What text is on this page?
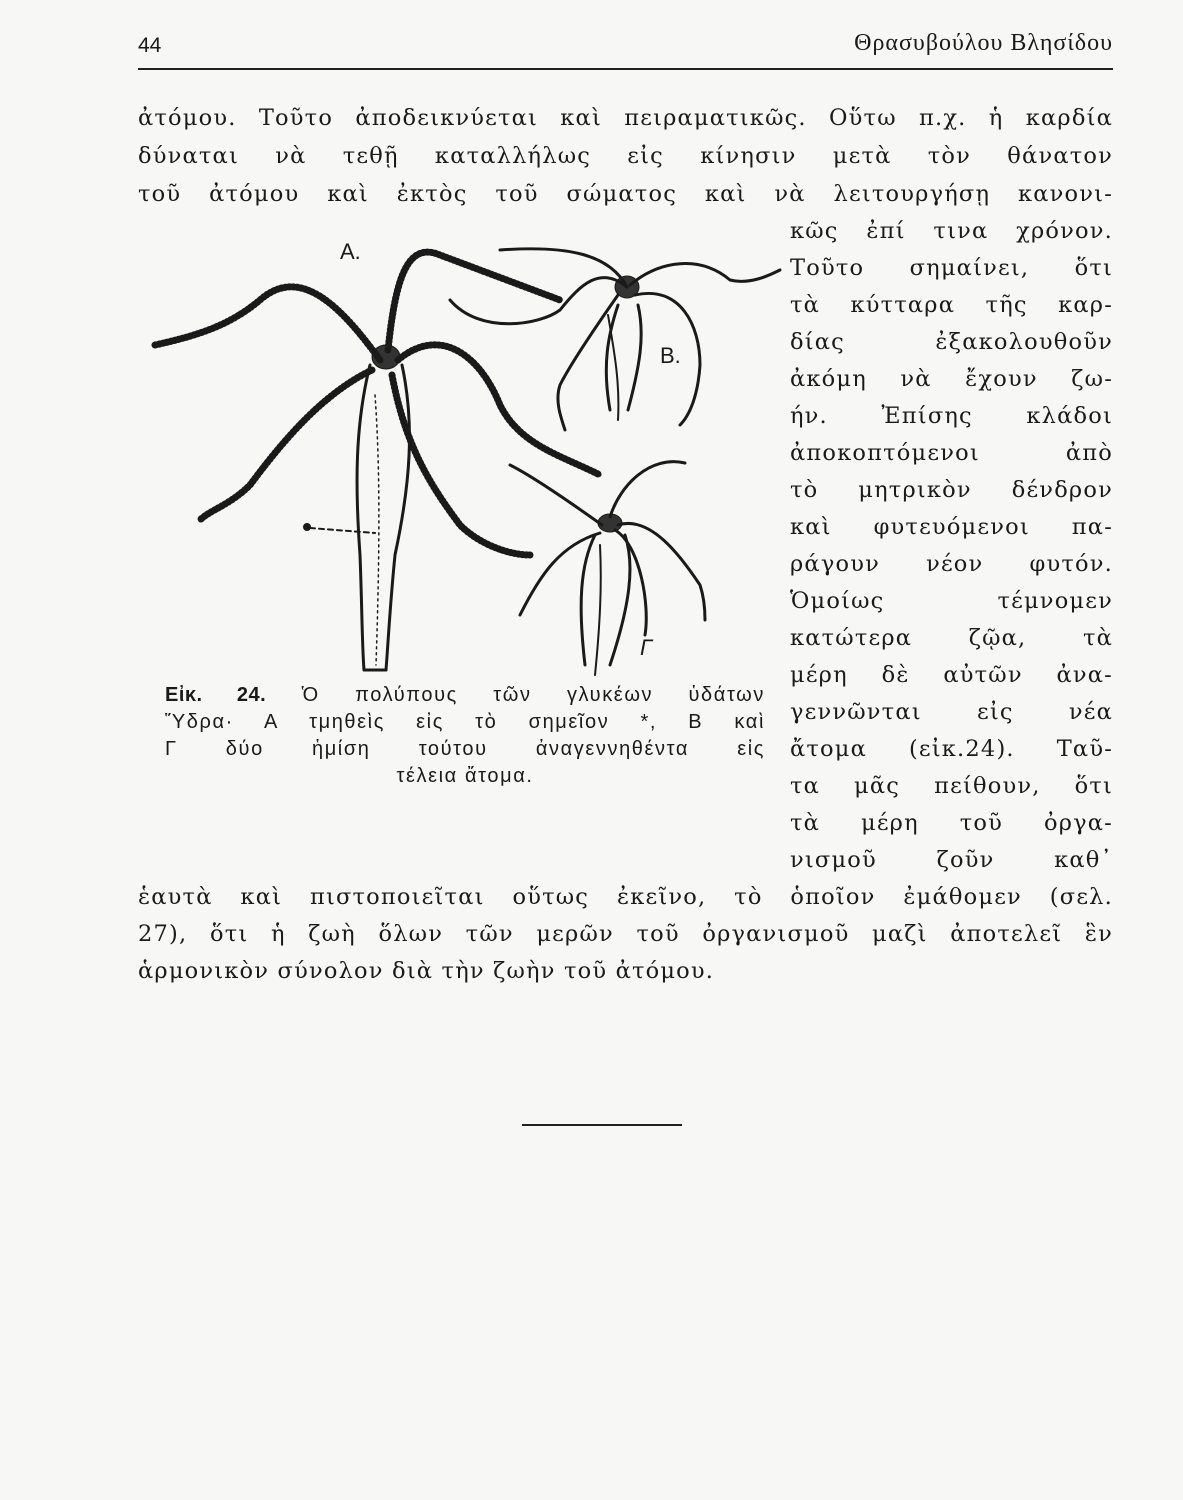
44	Θρασυβούλου Βλησίδου
ἀτόμου. Τοῦτο ἀποδεικνύεται καὶ πειραματικῶς. Οὕτω π.χ. ἡ καρδία
δύναται νὰ τεθῇ καταλλήλως εἰς κίνησιν μετὰ τὸν θάνατον
τοῦ ἀτόμου καὶ ἐκτὸς τοῦ σώματος καὶ νὰ λειτουργήσῃ κανονι-
κῶς ἐπί τινα χρόνον.
Τοῦτο σημαίνει, ὅτι
τὰ κύτταρα τῆς καρ-
δίας ἐξακολουθοῦν
ἀκόμη νὰ ἔχουν ζω-
ήν. Ἐπίσης κλάδοι
ἀποκοπτόμενοι ἀπὸ
τὸ μητρικὸν δένδρον
καὶ φυτευόμενοι πα-
ράγουν νέον φυτόν.
Ὁμοίως τέμνομεν
κατώτερα ζῷα, τὰ
μέρη δὲ αὐτῶν ἀνα-
γεννῶνται εἰς νέα
ἄτομα (εἰκ.24). Ταῦ-
τα μᾶς πείθουν, ὅτι
τὰ μέρη τοῦ ὀργα-
νισμοῦ ζοῦν καθ᾽
ἑαυτὰ καὶ πιστοποιεῖται οὕτως ἐκεῖνο, τὸ ὁποῖον ἐμάθομεν (σελ.
27), ὅτι ἡ ζωὴ ὅλων τῶν μερῶν τοῦ ὀργανισμοῦ μαζὶ ἀποτελεῖ ἓν
ἁρμονικὸν σύνολον διὰ τὴν ζωὴν τοῦ ἀτόμου.
A.
B.
Γ
Εἰκ. 24. Ὁ πολύπους τῶν γλυκέων ὑδάτων
Ὕδρα· Α τμηθεὶς εἰς τὸ σημεῖον *, Β καὶ
Γ δύο ἡμίση τούτου ἀναγεννηθέντα εἰς
τέλεια ἄτομα.
